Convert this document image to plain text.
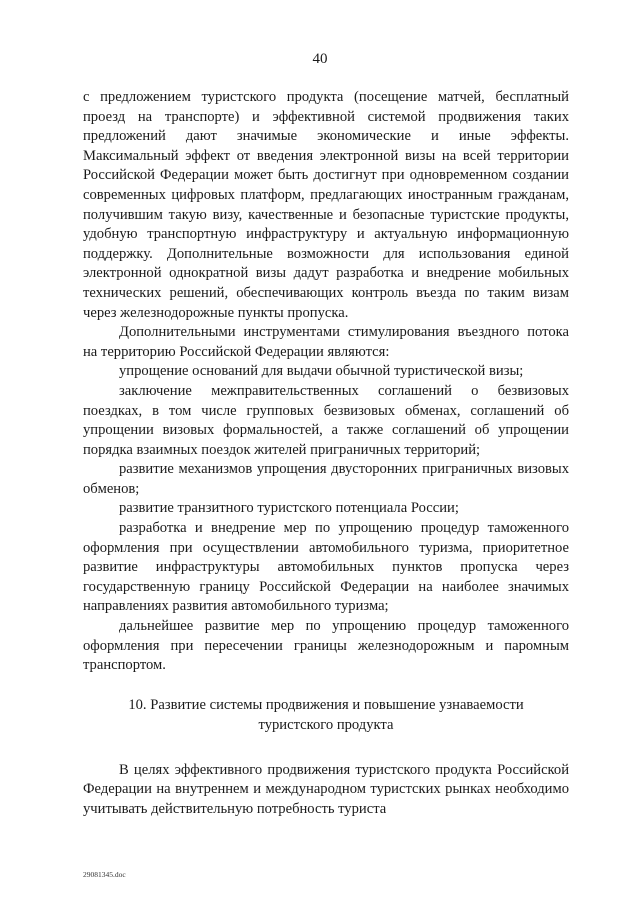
40

с предложением туристского продукта (посещение матчей, бесплатный проезд на транспорте) и эффективной системой продвижения таких предложений дают значимые экономические и иные эффекты. Максимальный эффект от введения электронной визы на всей территории Российской Федерации может быть достигнут при одновременном создании современных цифровых платформ, предлагающих иностранным гражданам, получившим такую визу, качественные и безопасные туристские продукты, удобную транспортную инфраструктуру и актуальную информационную поддержку. Дополнительные возможности для использования единой электронной однократной визы дадут разработка и внедрение мобильных технических решений, обеспечивающих контроль въезда по таким визам через железнодорожные пункты пропуска.

Дополнительными инструментами стимулирования въездного потока на территорию Российской Федерации являются:

упрощение оснований для выдачи обычной туристической визы;

заключение межправительственных соглашений о безвизовых поездках, в том числе групповых безвизовых обменах, соглашений об упрощении визовых формальностей, а также соглашений об упрощении порядка взаимных поездок жителей приграничных территорий;

развитие механизмов упрощения двусторонних приграничных визовых обменов;

развитие транзитного туристского потенциала России;

разработка и внедрение мер по упрощению процедур таможенного оформления при осуществлении автомобильного туризма, приоритетное развитие инфраструктуры автомобильных пунктов пропуска через государственную границу Российской Федерации на наиболее значимых направлениях развития автомобильного туризма;

дальнейшее развитие мер по упрощению процедур таможенного оформления при пересечении границы железнодорожным и паромным транспортом.

10. Развитие системы продвижения и повышение узнаваемости
туристского продукта

В целях эффективного продвижения туристского продукта Российской Федерации на внутреннем и международном туристских рынках необходимо учитывать действительную потребность туриста

29081345.doc
